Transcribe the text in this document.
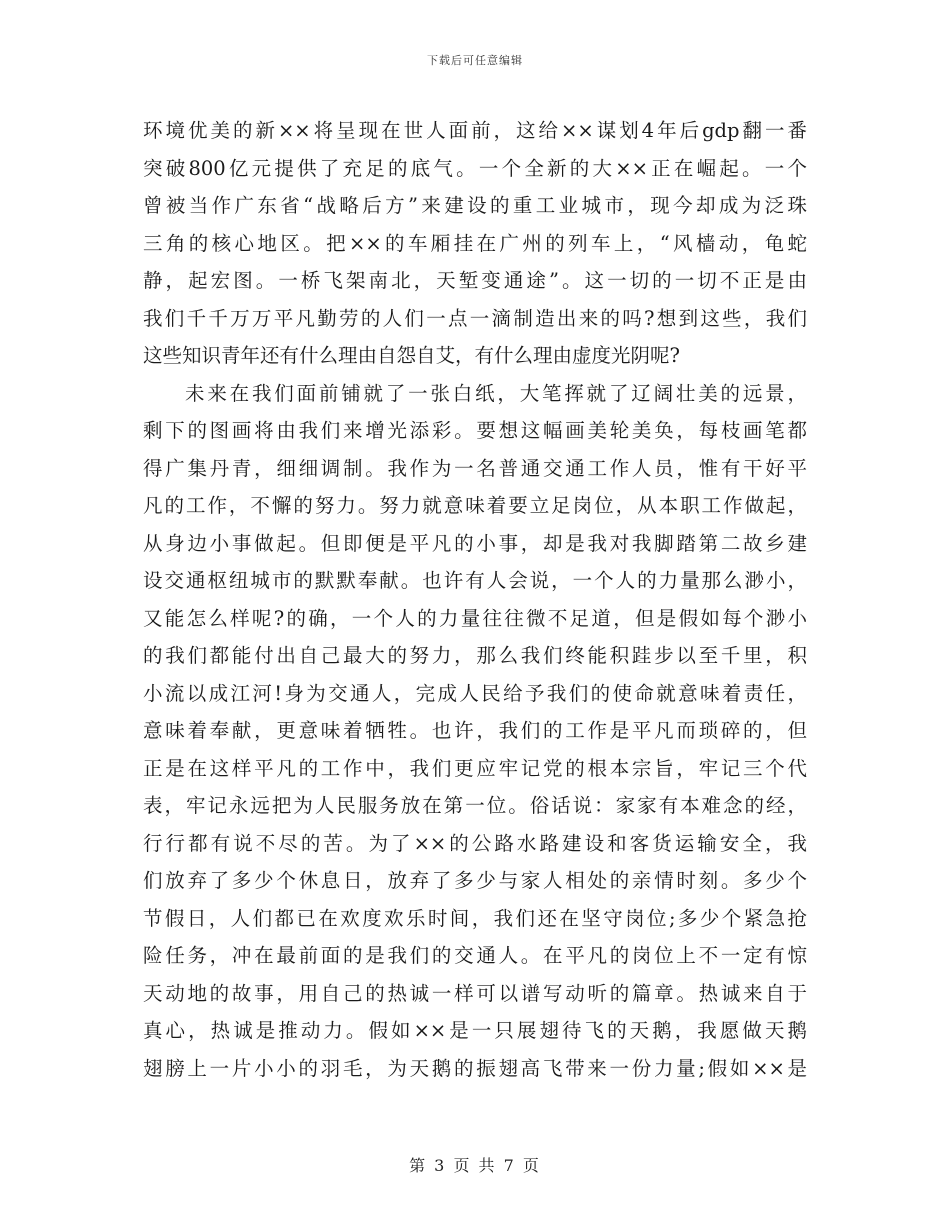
下载后可任意编辑
环境优美的新××将呈现在世人面前，这给××谋划4年后gdp翻一番
突破800亿元提供了充足的底气。一个全新的大××正在崛起。一个
曾被当作广东省“战略后方”来建设的重工业城市，现今却成为泛珠
三角的核心地区。把××的车厢挂在广州的列车上，“风樯动，龟蛇
静，起宏图。一桥飞架南北，天堑变通途”。这一切的一切不正是由
我们千千万万平凡勤劳的人们一点一滴制造出来的吗?想到这些，我们
这些知识青年还有什么理由自怨自艾，有什么理由虚度光阴呢?
未来在我们面前铺就了一张白纸，大笔挥就了辽阔壮美的远景，
剩下的图画将由我们来增光添彩。要想这幅画美轮美奂，每枝画笔都
得广集丹青，细细调制。我作为一名普通交通工作人员，惟有干好平
凡的工作，不懈的努力。努力就意味着要立足岗位，从本职工作做起，
从身边小事做起。但即便是平凡的小事，却是我对我脚踏第二故乡建
设交通枢纽城市的默默奉献。也许有人会说，一个人的力量那么渺小，
又能怎么样呢?的确，一个人的力量往往微不足道，但是假如每个渺小
的我们都能付出自己最大的努力，那么我们终能积跬步以至千里，积
小流以成江河!身为交通人，完成人民给予我们的使命就意味着责任，
意味着奉献，更意味着牺牲。也许，我们的工作是平凡而琐碎的，但
正是在这样平凡的工作中，我们更应牢记党的根本宗旨，牢记三个代
表，牢记永远把为人民服务放在第一位。俗话说：家家有本难念的经，
行行都有说不尽的苦。为了××的公路水路建设和客货运输安全，我
们放弃了多少个休息日，放弃了多少与家人相处的亲情时刻。多少个
节假日，人们都已在欢度欢乐时间，我们还在坚守岗位;多少个紧急抢
险任务，冲在最前面的是我们的交通人。在平凡的岗位上不一定有惊
天动地的故事，用自己的热诚一样可以谱写动听的篇章。热诚来自于
真心，热诚是推动力。假如××是一只展翅待飞的天鹅，我愿做天鹅
翅膀上一片小小的羽毛，为天鹅的振翅高飞带来一份力量;假如××是
第 3 页 共 7 页
